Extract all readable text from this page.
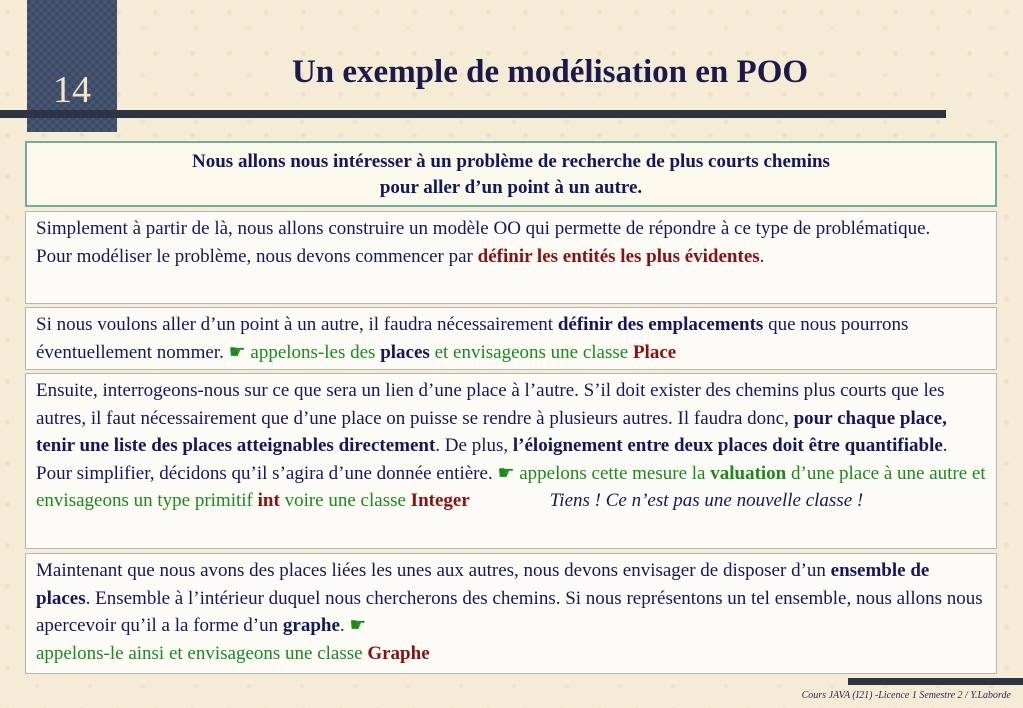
14	Un exemple de modélisation en POO
Nous allons nous intéresser à un problème de recherche de plus courts chemins
pour aller d’un point à un autre.
Simplement à partir de là, nous allons construire un modèle OO qui permette de répondre à ce type de problématique.
Pour modéliser le problème, nous devons commencer par définir les entités les plus évidentes.
Si nous voulons aller d’un point à un autre, il faudra nécessairement définir des emplacements que nous pourrons éventuellement nommer. ☛ appelons-les des places et envisageons une classe Place
Ensuite, interrogeons-nous sur ce que sera un lien d’une place à l’autre. S’il doit exister des chemins plus courts que les autres, il faut nécessairement que d’une place on puisse se rendre à plusieurs autres. Il faudra donc, pour chaque place, tenir une liste des places atteignables directement. De plus, l’éloignement entre deux places doit être quantifiable. Pour simplifier, décidons qu’il s’agira d’une donnée entière. ☛ appelons cette mesure la valuation d’une place à une autre et envisageons un type primitif int voire une classe Integer	Tiens ! Ce n’est pas une nouvelle classe !
Maintenant que nous avons des places liées les unes aux autres, nous devons envisager de disposer d’un ensemble de places. Ensemble à l’intérieur duquel nous chercherons des chemins. Si nous représentons un tel ensemble, nous allons nous apercevoir qu’il a la forme d’un graphe. ☛
appelons-le ainsi et envisageons une classe Graphe
Cours JAVA (I21) -Licence 1 Semestre 2 / Y.Laborde
